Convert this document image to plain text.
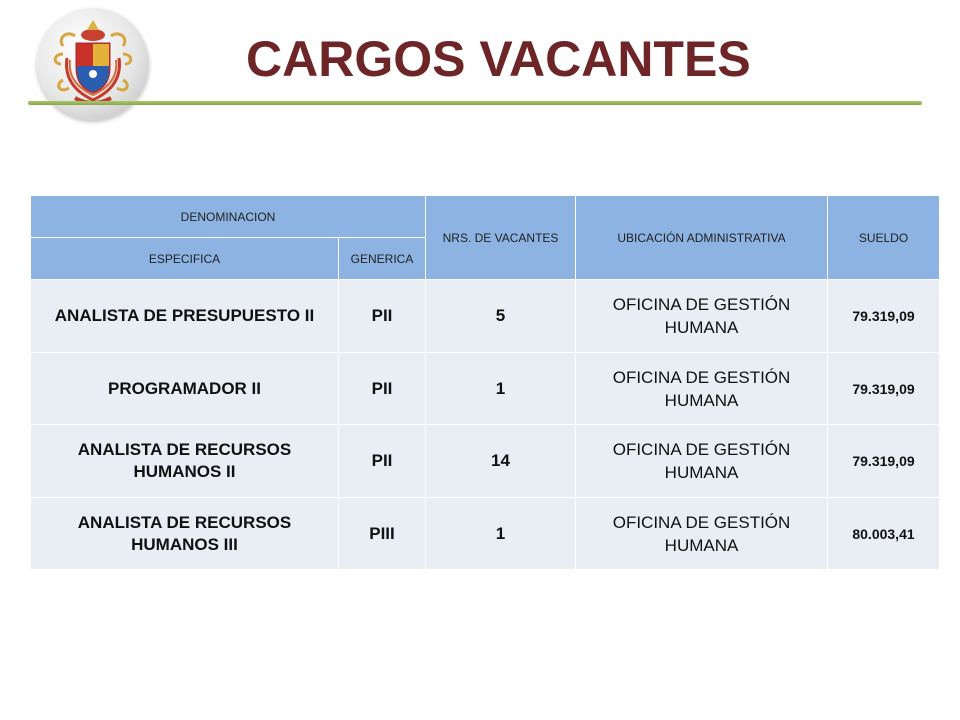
CARGOS VACANTES
DENOMINACION		NRS. DE VACANTES	UBICACIÓN ADMINISTRATIVA	SUELDO
ESPECIFICA	GENERICA			
ANALISTA DE PRESUPUESTO II	PII	5	OFICINA DE GESTIÓN HUMANA	79.319,09
PROGRAMADOR II	PII	1	OFICINA DE GESTIÓN HUMANA	79.319,09
ANALISTA DE RECURSOS HUMANOS II	PII	14	OFICINA DE GESTIÓN HUMANA	79.319,09
ANALISTA DE RECURSOS HUMANOS III	PIII	1	OFICINA DE GESTIÓN HUMANA	80.003,41
